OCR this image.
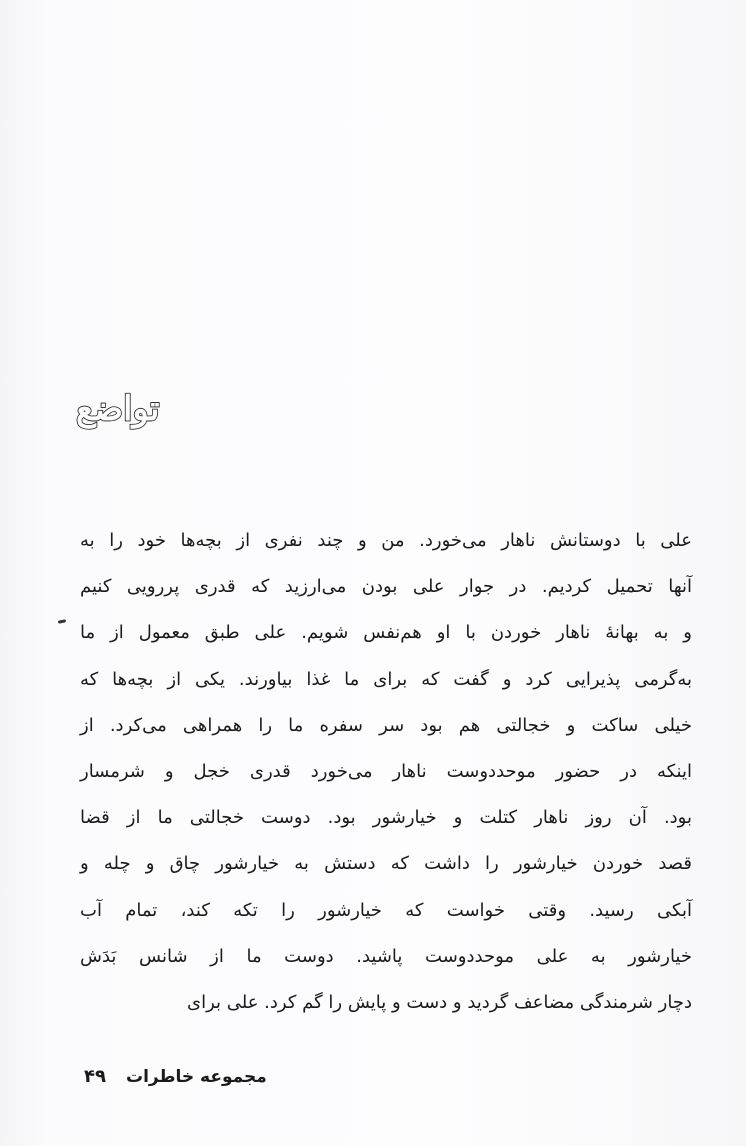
تواضع
علی با دوستانش ناهار می‌خورد. من و چند نفری از بچه‌ها خود را به
آنها تحمیل کردیم. در جوار علی بودن می‌ارزید که قدری پررویی کنیم
و به بهانهٔ ناهار خوردن با او هم‌نفس شویم. علی طبق معمول از ما
به‌گرمی پذیرایی کرد و گفت که برای ما غذا بیاورند. یکی از بچه‌ها که
خیلی ساکت و خجالتی هم بود سر سفره ما را همراهی می‌کرد. از
اینکه در حضور موحددوست ناهار می‌خورد قدری خجل و شرمسار
بود. آن روز ناهار کتلت و خیارشور بود. دوست خجالتی ما از قضا
قصد خوردن خیارشور را داشت که دستش به خیارشور چاق و چله و
آبکی رسید. وقتی خواست که خیارشور را تکه کند، تمام آب
خیارشور به علی موحددوست پاشید. دوست ما از شانس بَدَش
دچار شرمندگی مضاعف گردید و دست و پایش را گم کرد. علی برای
۴۹ مجموعه خاطرات
